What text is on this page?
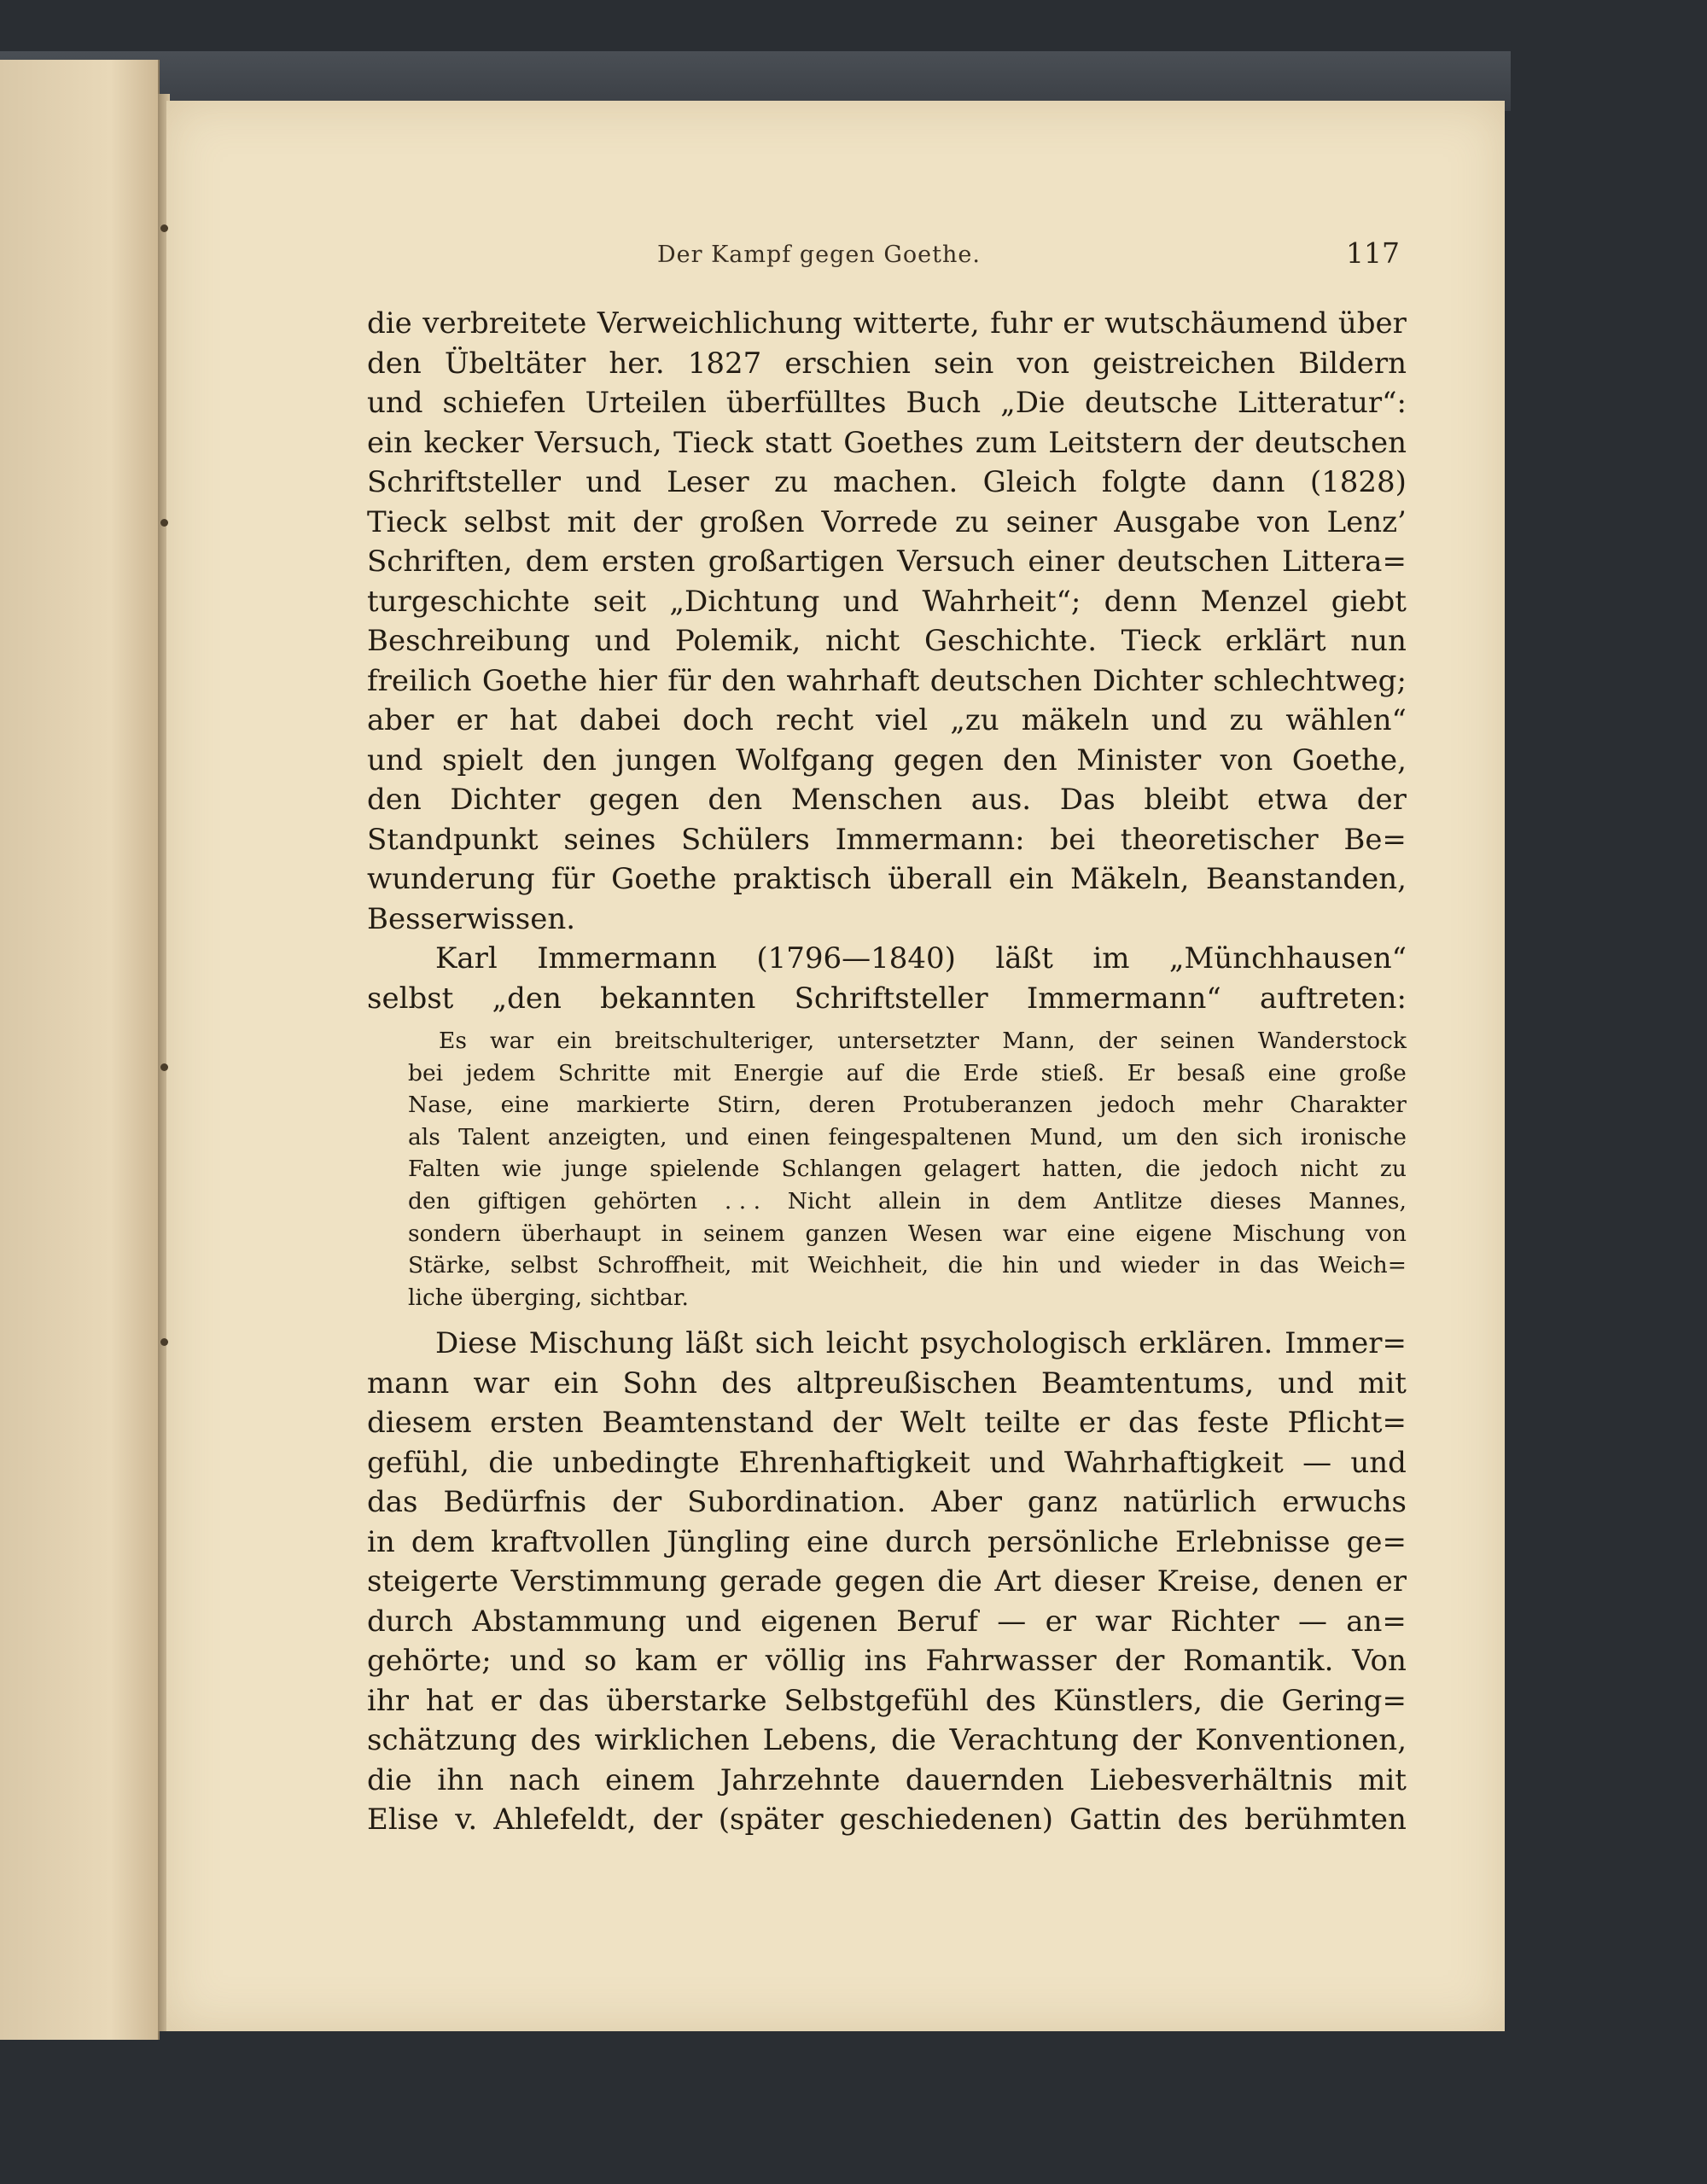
Der Kampf gegen Goethe.	117
die verbreitete Verweichlichung witterte, fuhr er wutschäumend über
den Übeltäter her. 1827 erschien sein von geistreichen Bildern
und schiefen Urteilen überfülltes Buch „Die deutsche Litteratur“:
ein kecker Versuch, Tieck statt Goethes zum Leitstern der deutschen
Schriftsteller und Leser zu machen. Gleich folgte dann (1828)
Tieck selbst mit der großen Vorrede zu seiner Ausgabe von Lenz’
Schriften, dem ersten großartigen Versuch einer deutschen Littera=
turgeschichte seit „Dichtung und Wahrheit“; denn Menzel giebt
Beschreibung und Polemik, nicht Geschichte. Tieck erklärt nun
freilich Goethe hier für den wahrhaft deutschen Dichter schlechtweg;
aber er hat dabei doch recht viel „zu mäkeln und zu wählen“
und spielt den jungen Wolfgang gegen den Minister von Goethe,
den Dichter gegen den Menschen aus. Das bleibt etwa der
Standpunkt seines Schülers Immermann: bei theoretischer Be=
wunderung für Goethe praktisch überall ein Mäkeln, Beanstanden,
Besserwissen.
Karl Immermann (1796—1840) läßt im „Münchhausen“
selbst „den bekannten Schriftsteller Immermann“ auftreten:
Es war ein breitschulteriger, untersetzter Mann, der seinen Wanderstock
bei jedem Schritte mit Energie auf die Erde stieß. Er besaß eine große
Nase, eine markierte Stirn, deren Protuberanzen jedoch mehr Charakter
als Talent anzeigten, und einen feingespaltenen Mund, um den sich ironische
Falten wie junge spielende Schlangen gelagert hatten, die jedoch nicht zu
den giftigen gehörten . . . Nicht allein in dem Antlitze dieses Mannes,
sondern überhaupt in seinem ganzen Wesen war eine eigene Mischung von
Stärke, selbst Schroffheit, mit Weichheit, die hin und wieder in das Weich=
liche überging, sichtbar.
Diese Mischung läßt sich leicht psychologisch erklären. Immer=
mann war ein Sohn des altpreußischen Beamtentums, und mit
diesem ersten Beamtenstand der Welt teilte er das feste Pflicht=
gefühl, die unbedingte Ehrenhaftigkeit und Wahrhaftigkeit — und
das Bedürfnis der Subordination. Aber ganz natürlich erwuchs
in dem kraftvollen Jüngling eine durch persönliche Erlebnisse ge=
steigerte Verstimmung gerade gegen die Art dieser Kreise, denen er
durch Abstammung und eigenen Beruf — er war Richter — an=
gehörte; und so kam er völlig ins Fahrwasser der Romantik. Von
ihr hat er das überstarke Selbstgefühl des Künstlers, die Gering=
schätzung des wirklichen Lebens, die Verachtung der Konventionen,
die ihn nach einem Jahrzehnte dauernden Liebesverhältnis mit
Elise v. Ahlefeldt, der (später geschiedenen) Gattin des berühmten
